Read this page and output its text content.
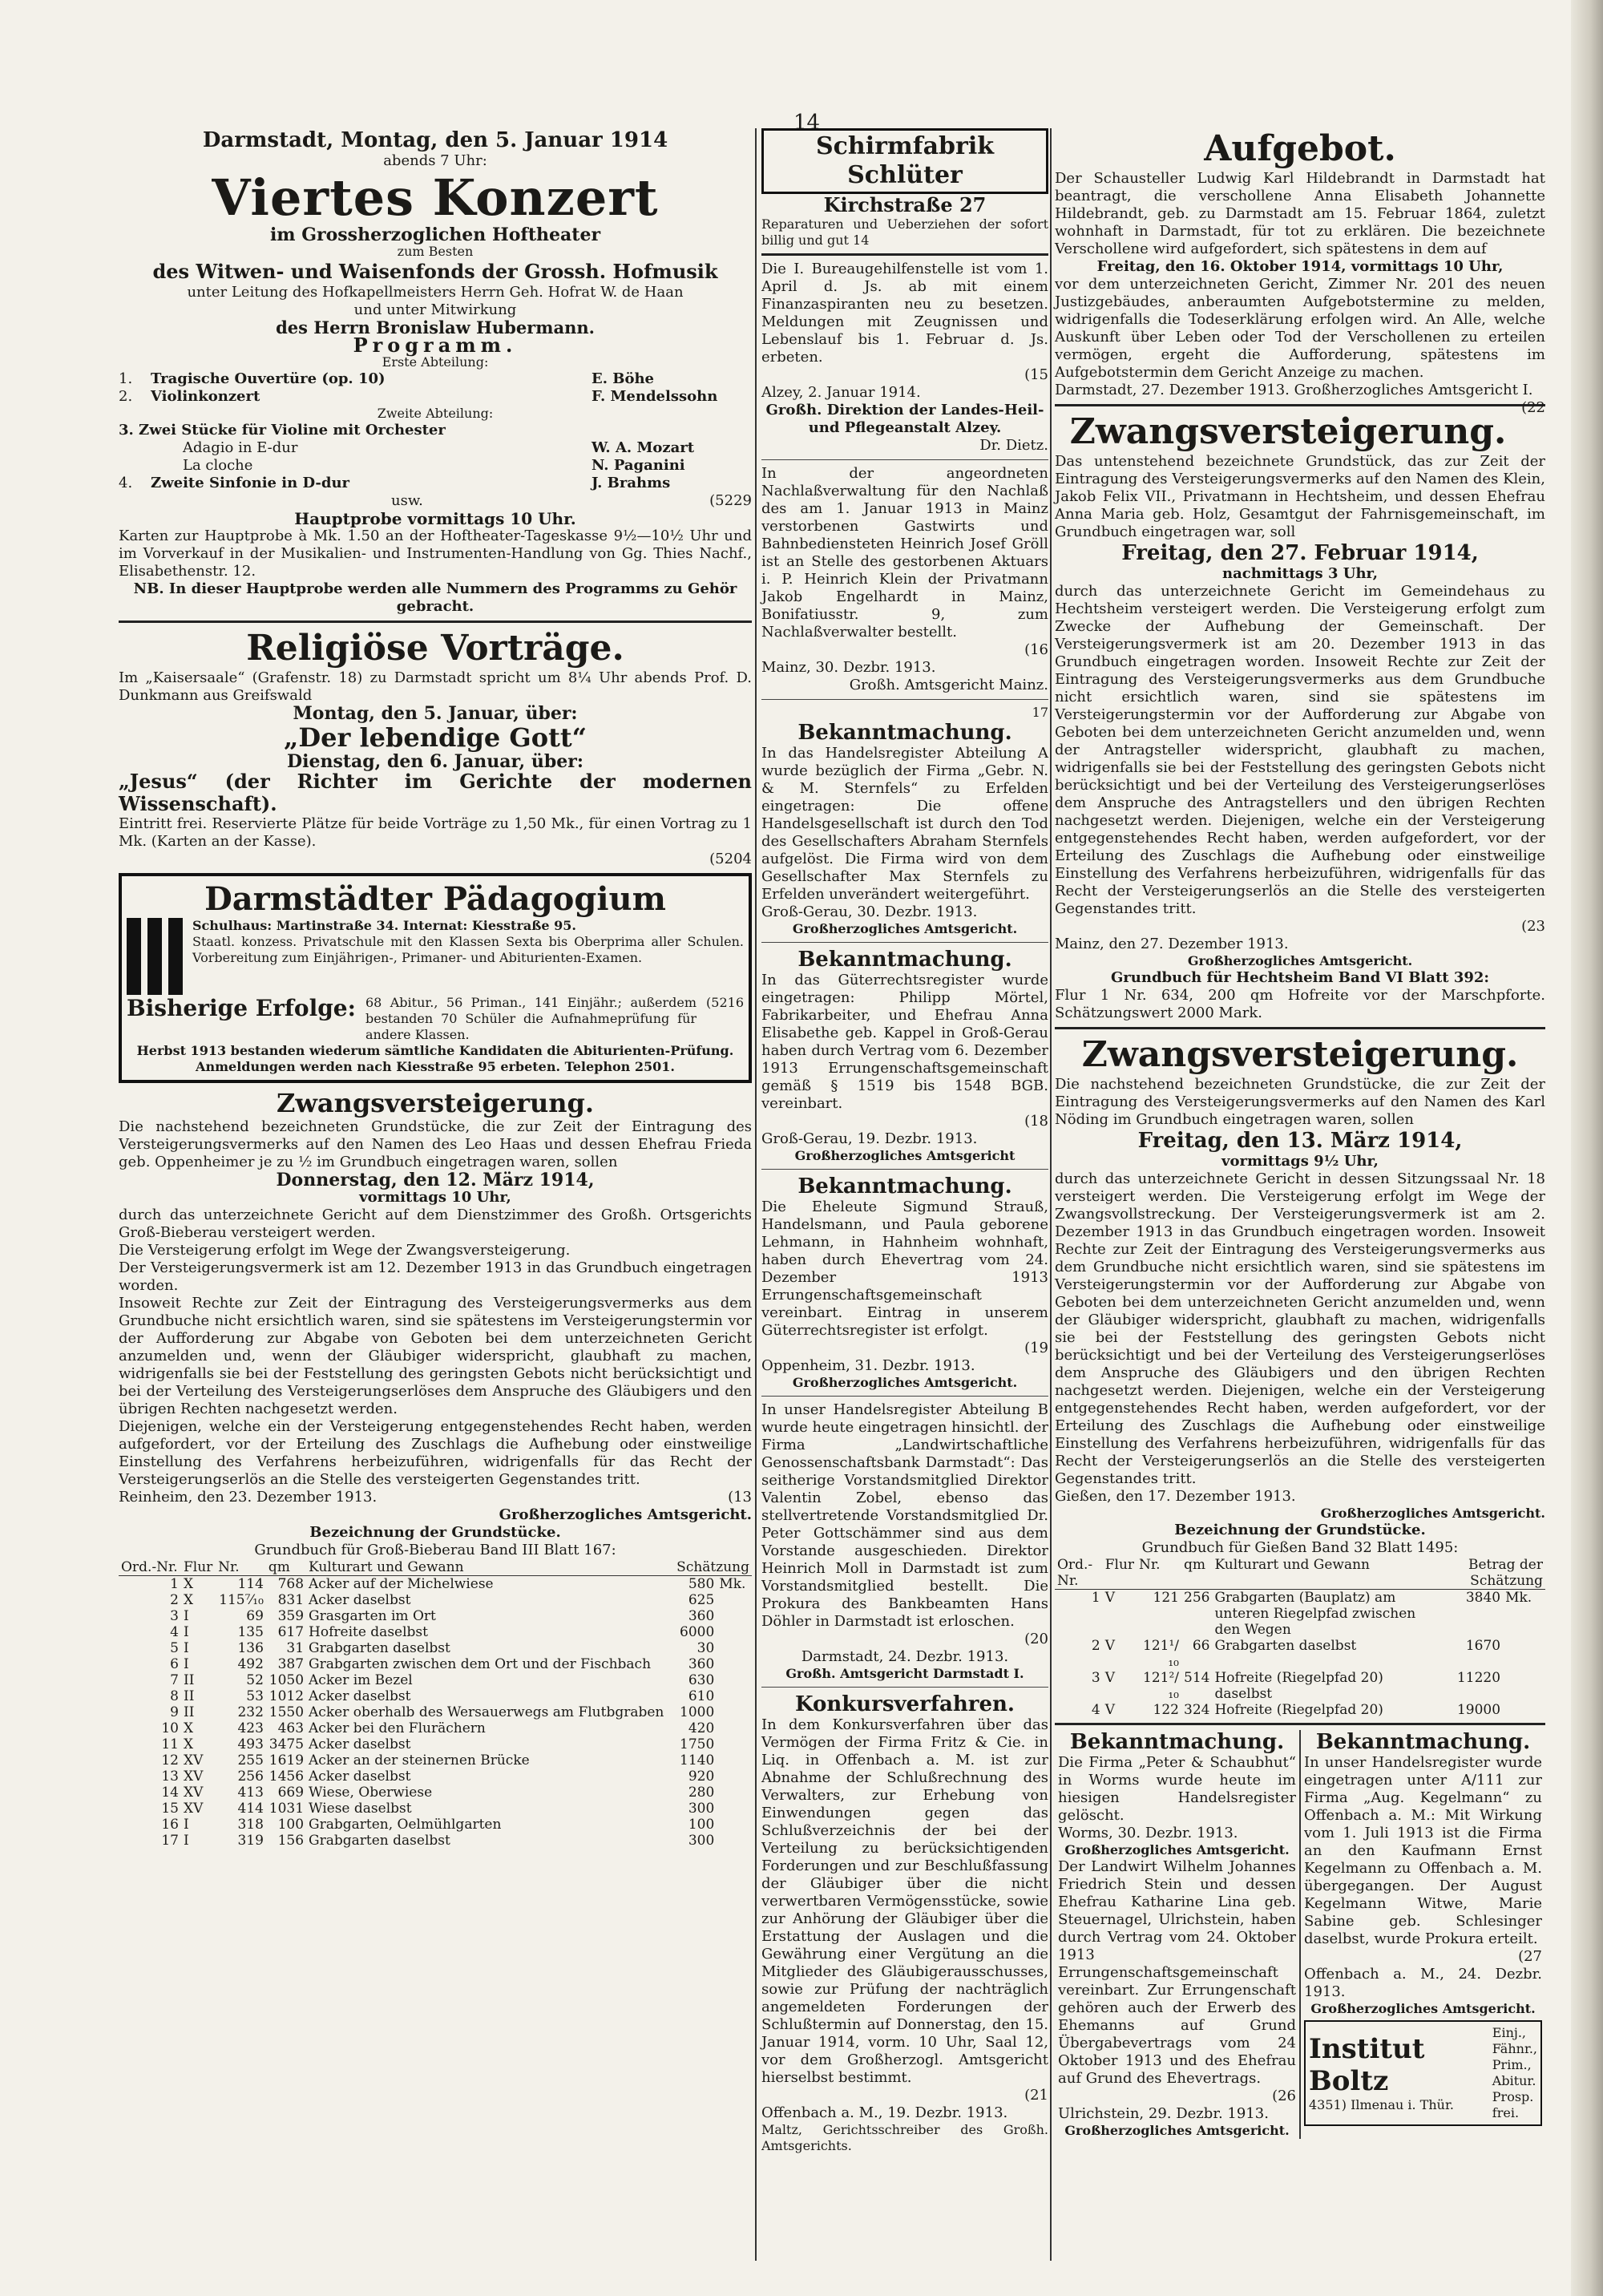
14

Darmstadt, Montag, den 5. Januar 1914

abends 7 Uhr:

Viertes Konzert

im Grossherzoglichen Hoftheater

zum Besten

des Witwen- und Waisenfonds der Grossh. Hofmusik

unter Leitung des Hofkapellmeisters Herrn Geh. Hofrat W. de Haan

und unter Mitwirkung

des Herrn Bronislaw Hubermann.

Programm.

Erste Abteilung:

1.	Tragische Ouvertüre (op. 10)	E. Böhe
2.	Violinkonzert	F. Mendelssohn

Zweite Abteilung:

3. Zwei Stücke für Violine mit Orchester

Adagio in E-dur	W. A. Mozart
La cloche	N. Paganini
4.	Zweite Sinfonie in D-dur	J. Brahms
usw.	(5229

Hauptprobe vormittags 10 Uhr.

Karten zur Hauptprobe à Mk. 1.50 an der Hoftheater-Tageskasse 9½—10½ Uhr und im Vorverkauf in der Musikalien- und Instrumenten-Handlung von Gg. Thies Nachf., Elisabethenstr. 12.

NB. In dieser Hauptprobe werden alle Nummern des Programms zu Gehör gebracht.

Religiöse Vorträge.

Im „Kaisersaale“ (Grafenstr. 18) zu Darmstadt spricht um 8¼ Uhr abends Prof. D. Dunkmann aus Greifswald

Montag, den 5. Januar, über:

„Der lebendige Gott“

Dienstag, den 6. Januar, über:

„Jesus“ (der Richter im Gerichte der modernen Wissenschaft).

Eintritt frei. Reservierte Plätze für beide Vorträge zu 1,50 Mk., für einen Vortrag zu 1 Mk. (Karten an der Kasse).

(5204

Darmstädter Pädagogium

Schulhaus: Martinstraße 34. Internat: Kiesstraße 95.

Staatl. konzess. Privatschule mit den Klassen Sexta bis Oberprima aller Schulen. Vorbereitung zum Einjährigen-, Primaner- und Abiturienten-Examen.

Bisherige Erfolge: 68 Abitur., 56 Priman., 141 Einjähr.; außerdem bestanden 70 Schüler die Aufnahmeprüfung für andere Klassen.

(5216

Herbst 1913 bestanden wiederum sämtliche Kandidaten die Abiturienten-Prüfung.

Anmeldungen werden nach Kiesstraße 95 erbeten. Telephon 2501.

Zwangsversteigerung.

Die nachstehend bezeichneten Grundstücke, die zur Zeit der Eintragung des Versteigerungsvermerks auf den Namen des Leo Haas und dessen Ehefrau Frieda geb. Oppenheimer je zu ½ im Grundbuch eingetragen waren, sollen

Donnerstag, den 12. März 1914,

vormittags 10 Uhr,

durch das unterzeichnete Gericht auf dem Dienstzimmer des Großh. Ortsgerichts Groß-Bieberau versteigert werden.

Die Versteigerung erfolgt im Wege der Zwangsversteigerung.

Der Versteigerungsvermerk ist am 12. Dezember 1913 in das Grundbuch eingetragen worden.

Insoweit Rechte zur Zeit der Eintragung des Versteigerungsvermerks aus dem Grundbuche nicht ersichtlich waren, sind sie spätestens im Versteigerungstermin vor der Aufforderung zur Abgabe von Geboten bei dem unterzeichneten Gericht anzumelden und, wenn der Gläubiger widerspricht, glaubhaft zu machen, widrigenfalls sie bei der Feststellung des geringsten Gebots nicht berücksichtigt und bei der Verteilung des Versteigerungserlöses dem Anspruche des Gläubigers und den übrigen Rechten nachgesetzt werden.

Diejenigen, welche ein der Versteigerung entgegenstehendes Recht haben, werden aufgefordert, vor der Erteilung des Zuschlags die Aufhebung oder einstweilige Einstellung des Verfahrens herbeizuführen, widrigenfalls für das Recht der Versteigerungserlös an die Stelle des versteigerten Gegenstandes tritt.

Reinheim, den 23. Dezember 1913.	(13

Großherzogliches Amtsgericht.

Bezeichnung der Grundstücke.

Grundbuch für Groß-Bieberau Band III Blatt 167:

Ord.-Nr.	Flur	Nr.	qm	Kulturart und Gewann	Schätzung	
1	X	114	768	Acker auf der Michelwiese	580	Mk.
2	X	115⁷⁄₁₀	831	Acker daselbst	625	
3	I	69	359	Grasgarten im Ort	360	
4	I	135	617	Hofreite daselbst	6000	
5	I	136	31	Grabgarten daselbst	30	
6	I	492	387	Grabgarten zwischen dem Ort und der Fischbach	360	
7	II	52	1050	Acker im Bezel	630	
8	II	53	1012	Acker daselbst	610	
9	II	232	1550	Acker oberhalb des Wersauerwegs am Flutbgraben	1000	
10	X	423	463	Acker bei den Flurächern	420	
11	X	493	3475	Acker daselbst	1750	
12	XV	255	1619	Acker an der steinernen Brücke	1140	
13	XV	256	1456	Acker daselbst	920	
14	XV	413	669	Wiese, Oberwiese	280	
15	XV	414	1031	Wiese daselbst	300	
16	I	318	100	Grabgarten, Oelmühlgarten	100	
17	I	319	156	Grabgarten daselbst	300	
Schirmfabrik Schlüter
Kirchstraße 27

Reparaturen und Ueberziehen der sofort billig und gut 14

Die I. Bureaugehilfenstelle ist vom 1. April d. Js. ab mit einem Finanzaspiranten neu zu besetzen. Meldungen mit Zeugnissen und Lebenslauf bis 1. Februar d. Js. erbeten.

(15

Alzey, 2. Januar 1914.

Großh. Direktion der Landes-Heil- und Pflegeanstalt Alzey.

Dr. Dietz.

In der angeordneten Nachlaßverwaltung für den Nachlaß des am 1. Januar 1913 in Mainz verstorbenen Gastwirts und Bahnbediensteten Heinrich Josef Gröll ist an Stelle des gestorbenen Aktuars i. P. Heinrich Klein der Privatmann Jakob Engelhardt in Mainz, Bonifatiusstr. 9, zum Nachlaßverwalter bestellt.

(16

Mainz, 30. Dezbr. 1913.

Großh. Amtsgericht Mainz.

17

Bekanntmachung.

In das Handelsregister Abteilung A wurde bezüglich der Firma „Gebr. N. & M. Sternfels“ zu Erfelden eingetragen: Die offene Handelsgesellschaft ist durch den Tod des Gesellschafters Abraham Sternfels aufgelöst. Die Firma wird von dem Gesellschafter Max Sternfels zu Erfelden unverändert weitergeführt.

Groß-Gerau, 30. Dezbr. 1913.

Großherzogliches Amtsgericht.

Bekanntmachung.

In das Güterrechtsregister wurde eingetragen: Philipp Mörtel, Fabrikarbeiter, und Ehefrau Anna Elisabethe geb. Kappel in Groß-Gerau haben durch Vertrag vom 6. Dezember 1913 Errungenschaftsgemeinschaft gemäß § 1519 bis 1548 BGB. vereinbart.

(18

Groß-Gerau, 19. Dezbr. 1913.

Großherzogliches Amtsgericht

Bekanntmachung.

Die Eheleute Sigmund Strauß, Handelsmann, und Paula geborene Lehmann, in Hahnheim wohnhaft, haben durch Ehevertrag vom 24. Dezember 1913 Errungenschaftsgemeinschaft vereinbart. Eintrag in unserem Güterrechtsregister ist erfolgt.

(19

Oppenheim, 31. Dezbr. 1913.

Großherzogliches Amtsgericht.

In unser Handelsregister Abteilung B wurde heute eingetragen hinsichtl. der Firma „Landwirtschaftliche Genossenschaftsbank Darmstadt“: Das seitherige Vorstandsmitglied Direktor Valentin Zobel, ebenso das stellvertretende Vorstandsmitglied Dr. Peter Gottschämmer sind aus dem Vorstande ausgeschieden. Direktor Heinrich Moll in Darmstadt ist zum Vorstandsmitglied bestellt. Die Prokura des Bankbeamten Hans Döhler in Darmstadt ist erloschen.

(20

Darmstadt, 24. Dezbr. 1913.

Großh. Amtsgericht Darmstadt I.

Konkursverfahren.

In dem Konkursverfahren über das Vermögen der Firma Fritz & Cie. in Liq. in Offenbach a. M. ist zur Abnahme der Schlußrechnung des Verwalters, zur Erhebung von Einwendungen gegen das Schlußverzeichnis der bei der Verteilung zu berücksichtigenden Forderungen und zur Beschlußfassung der Gläubiger über die nicht verwertbaren Vermögensstücke, sowie zur Anhörung der Gläubiger über die Erstattung der Auslagen und die Gewährung einer Vergütung an die Mitglieder des Gläubigerausschusses, sowie zur Prüfung der nachträglich angemeldeten Forderungen der Schlußtermin auf Donnerstag, den 15. Januar 1914, vorm. 10 Uhr, Saal 12, vor dem Großherzogl. Amtsgericht hierselbst bestimmt.

(21

Offenbach a. M., 19. Dezbr. 1913.

Maltz, Gerichtsschreiber des Großh. Amtsgerichts.

Aufgebot.

Der Schausteller Ludwig Karl Hildebrandt in Darmstadt hat beantragt, die verschollene Anna Elisabeth Johannette Hildebrandt, geb. zu Darmstadt am 15. Februar 1864, zuletzt wohnhaft in Darmstadt, für tot zu erklären. Die bezeichnete Verschollene wird aufgefordert, sich spätestens in dem auf

Freitag, den 16. Oktober 1914, vormittags 10 Uhr,

vor dem unterzeichneten Gericht, Zimmer Nr. 201 des neuen Justizgebäudes, anberaumten Aufgebotstermine zu melden, widrigenfalls die Todeserklärung erfolgen wird. An Alle, welche Auskunft über Leben oder Tod der Verschollenen zu erteilen vermögen, ergeht die Aufforderung, spätestens im Aufgebotstermin dem Gericht Anzeige zu machen.

Darmstadt, 27. Dezember 1913. Großherzogliches Amtsgericht I.
(22

Zwangsversteigerung.

Das untenstehend bezeichnete Grundstück, das zur Zeit der Eintragung des Versteigerungsvermerks auf den Namen des Klein, Jakob Felix VII., Privatmann in Hechtsheim, und dessen Ehefrau Anna Maria geb. Holz, Gesamtgut der Fahrnisgemeinschaft, im Grundbuch eingetragen war, soll

Freitag, den 27. Februar 1914,

nachmittags 3 Uhr,

durch das unterzeichnete Gericht im Gemeindehaus zu Hechtsheim versteigert werden. Die Versteigerung erfolgt zum Zwecke der Aufhebung der Gemeinschaft. Der Versteigerungsvermerk ist am 20. Dezember 1913 in das Grundbuch eingetragen worden. Insoweit Rechte zur Zeit der Eintragung des Versteigerungsvermerks aus dem Grundbuche nicht ersichtlich waren, sind sie spätestens im Versteigerungstermin vor der Aufforderung zur Abgabe von Geboten bei dem unterzeichneten Gericht anzumelden und, wenn der Antragsteller widerspricht, glaubhaft zu machen, widrigenfalls sie bei der Feststellung des geringsten Gebots nicht berücksichtigt und bei der Verteilung des Versteigerungserlöses dem Anspruche des Antragstellers und den übrigen Rechten nachgesetzt werden. Diejenigen, welche ein der Versteigerung entgegenstehendes Recht haben, werden aufgefordert, vor der Erteilung des Zuschlags die Aufhebung oder einstweilige Einstellung des Verfahrens herbeizuführen, widrigenfalls für das Recht der Versteigerungserlös an die Stelle des versteigerten Gegenstandes tritt.

(23

Mainz, den 27. Dezember 1913.

Großherzogliches Amtsgericht.

Grundbuch für Hechtsheim Band VI Blatt 392:

Flur 1 Nr. 634, 200 qm Hofreite vor der Marschpforte. Schätzungswert 2000 Mark.

Zwangsversteigerung.

Die nachstehend bezeichneten Grundstücke, die zur Zeit der Eintragung des Versteigerungsvermerks auf den Namen des Karl Nöding im Grundbuch eingetragen waren, sollen

Freitag, den 13. März 1914,

vormittags 9½ Uhr,

durch das unterzeichnete Gericht in dessen Sitzungssaal Nr. 18 versteigert werden. Die Versteigerung erfolgt im Wege der Zwangsvollstreckung. Der Versteigerungsvermerk ist am 2. Dezember 1913 in das Grundbuch eingetragen worden. Insoweit Rechte zur Zeit der Eintragung des Versteigerungsvermerks aus dem Grundbuche nicht ersichtlich waren, sind sie spätestens im Versteigerungstermin vor der Aufforderung zur Abgabe von Geboten bei dem unterzeichneten Gericht anzumelden und, wenn der Gläubiger widerspricht, glaubhaft zu machen, widrigenfalls sie bei der Feststellung des geringsten Gebots nicht berücksichtigt und bei der Verteilung des Versteigerungserlöses dem Anspruche des Gläubigers und den übrigen Rechten nachgesetzt werden. Diejenigen, welche ein der Versteigerung entgegenstehendes Recht haben, werden aufgefordert, vor der Erteilung des Zuschlags die Aufhebung oder einstweilige Einstellung des Verfahrens herbeizuführen, widrigenfalls für das Recht der Versteigerungserlös an die Stelle des versteigerten Gegenstandes tritt.

Gießen, den 17. Dezember 1913.

Großherzogliches Amtsgericht.

Bezeichnung der Grundstücke.

Grundbuch für Gießen Band 32 Blatt 1495:

Ord.-Nr.	Flur	Nr.	qm	Kulturart und Gewann	Betrag der Schätzung	
1	V	121	256	Grabgarten (Bauplatz) am unteren Riegelpfad zwischen den Wegen	3840	Mk.
2	V	121¹/₁₀	66	Grabgarten daselbst	1670	
3	V	121²/₁₀	514	Hofreite (Riegelpfad 20) daselbst	11220	
4	V	122	324	Hofreite (Riegelpfad 20)	19000	
Bekanntmachung.

Die Firma „Peter & Schaubhut“ in Worms wurde heute im hiesigen Handelsregister gelöscht.

Worms, 30. Dezbr. 1913.

Großherzogliches Amtsgericht.

Der Landwirt Wilhelm Johannes Friedrich Stein und dessen Ehefrau Katharine Lina geb. Steuernagel, Ulrichstein, haben durch Vertrag vom 24. Oktober 1913 Errungenschaftsgemeinschaft vereinbart. Zur Errungenschaft gehören auch der Erwerb des Ehemanns auf Grund Übergabevertrags vom 24 Oktober 1913 und des Ehefrau auf Grund des Ehevertrags.

(26

Ulrichstein, 29. Dezbr. 1913.

Großherzogliches Amtsgericht.

Bekanntmachung.

In unser Handelsregister wurde eingetragen unter A/111 zur Firma „Aug. Kegelmann“ zu Offenbach a. M.: Mit Wirkung vom 1. Juli 1913 ist die Firma an den Kaufmann Ernst Kegelmann zu Offenbach a. M. übergegangen. Der August Kegelmann Witwe, Marie Sabine geb. Schlesinger daselbst, wurde Prokura erteilt.

(27

Offenbach a. M., 24. Dezbr. 1913.

Großherzogliches Amtsgericht.

Institut Boltz

4351) Ilmenau i. Thür.

Einj., Fähnr., Prim., Abitur. Prosp. frei.
